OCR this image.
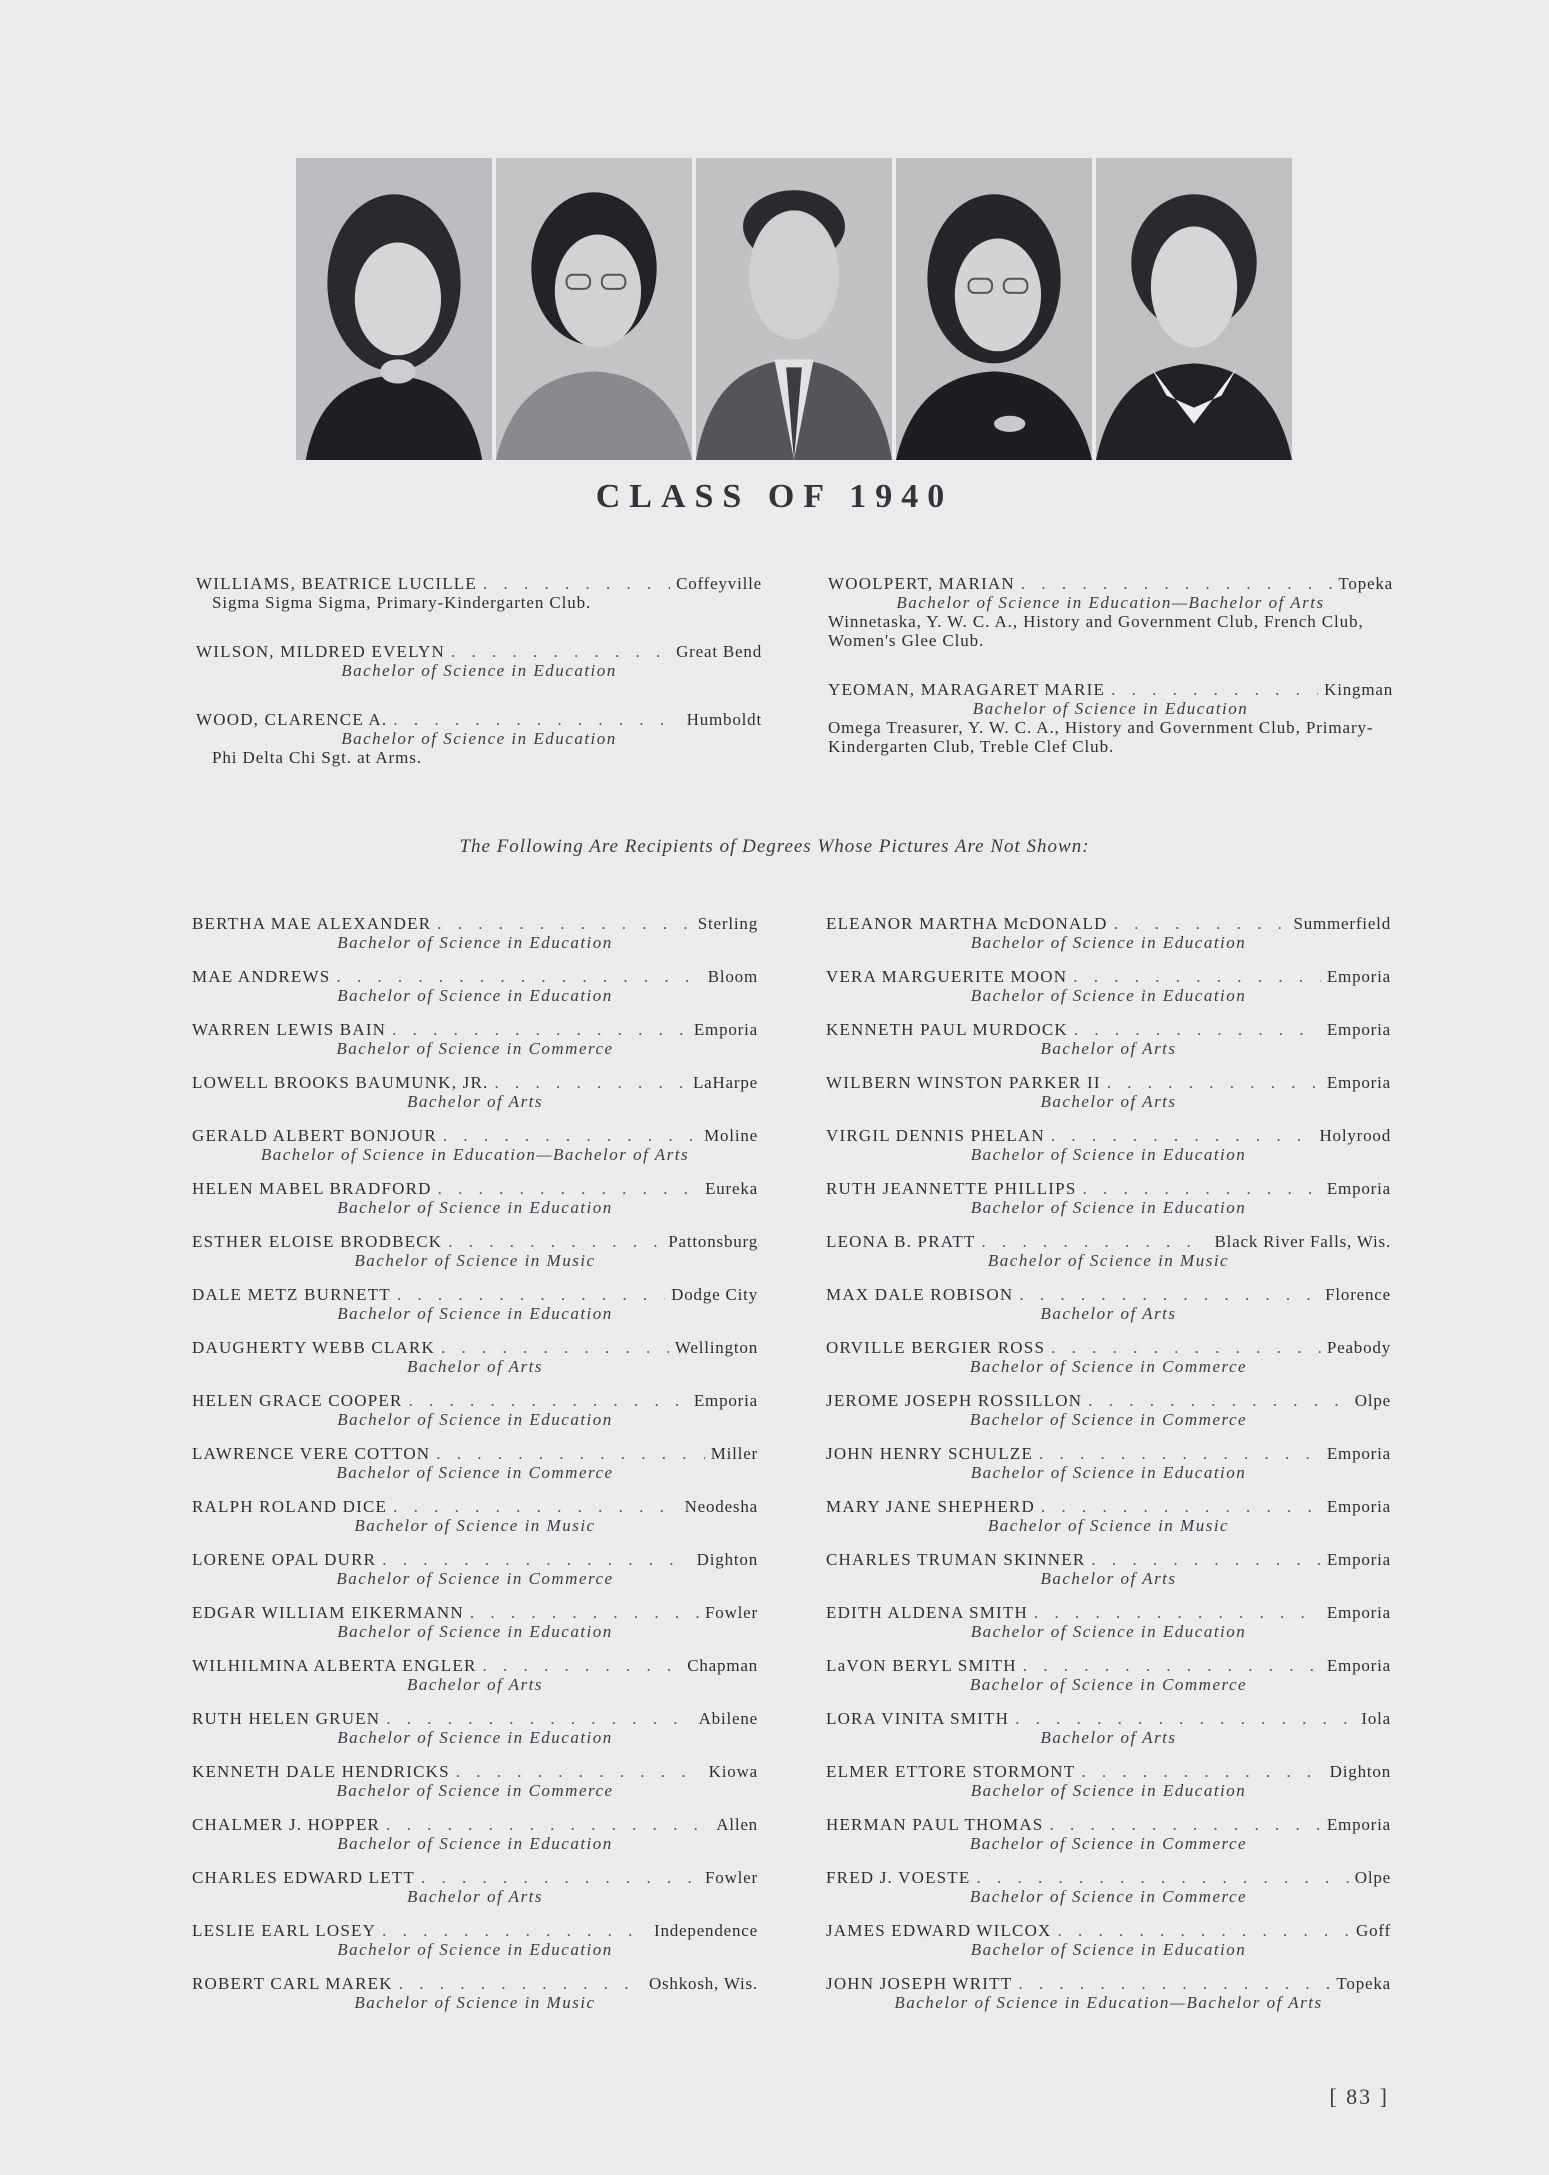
CLASS OF 1940
WILLIAMS, BEATRICE LUCILLE . . .	Coffeyville
Sigma Sigma Sigma, Primary-Kindergarten Club.
WILSON, MILDRED EVELYN . . .	Great Bend
Bachelor of Science in Education
WOOD, CLARENCE A. . . .	Humboldt
Bachelor of Science in Education
Phi Delta Chi Sgt. at Arms.
WOOLPERT, MARIAN . . .	Topeka
Bachelor of Science in Education—Bachelor of Arts
Winnetaska, Y. W. C. A., History and Government Club, French Club, Women's Glee Club.
YEOMAN, MARAGARET MARIE . . .	Kingman
Bachelor of Science in Education
Omega Treasurer, Y. W. C. A., History and Government Club, Primary-Kindergarten Club, Treble Clef Club.
The Following Are Recipients of Degrees Whose Pictures Are Not Shown:
BERTHA MAE ALEXANDER . . .	Sterling
Bachelor of Science in Education
MAE ANDREWS . . .	Bloom
Bachelor of Science in Education
WARREN LEWIS BAIN . . .	Emporia
Bachelor of Science in Commerce
LOWELL BROOKS BAUMUNK, JR. . . .	LaHarpe
Bachelor of Arts
GERALD ALBERT BONJOUR . . .	Moline
Bachelor of Science in Education—Bachelor of Arts
HELEN MABEL BRADFORD . . .	Eureka
Bachelor of Science in Education
ESTHER ELOISE BRODBECK . . .	Pattonsburg
Bachelor of Science in Music
DALE METZ BURNETT . . .	Dodge City
Bachelor of Science in Education
DAUGHERTY WEBB CLARK . . .	Wellington
Bachelor of Arts
HELEN GRACE COOPER . . .	Emporia
Bachelor of Science in Education
LAWRENCE VERE COTTON . . .	Miller
Bachelor of Science in Commerce
RALPH ROLAND DICE . . .	Neodesha
Bachelor of Science in Music
LORENE OPAL DURR . . .	Dighton
Bachelor of Science in Commerce
EDGAR WILLIAM EIKERMANN . . .	Fowler
Bachelor of Science in Education
WILHILMINA ALBERTA ENGLER . . .	Chapman
Bachelor of Arts
RUTH HELEN GRUEN . . .	Abilene
Bachelor of Science in Education
KENNETH DALE HENDRICKS . . .	Kiowa
Bachelor of Science in Commerce
CHALMER J. HOPPER . . .	Allen
Bachelor of Science in Education
CHARLES EDWARD LETT . . .	Fowler
Bachelor of Arts
LESLIE EARL LOSEY . . .	Independence
Bachelor of Science in Education
ROBERT CARL MAREK . . .	Oshkosh, Wis.
Bachelor of Science in Music
ELEANOR MARTHA McDONALD . . .	Summerfield
Bachelor of Science in Education
VERA MARGUERITE MOON . . .	Emporia
Bachelor of Science in Education
KENNETH PAUL MURDOCK . . .	Emporia
Bachelor of Arts
WILBERN WINSTON PARKER II . . .	Emporia
Bachelor of Arts
VIRGIL DENNIS PHELAN . . .	Holyrood
Bachelor of Science in Education
RUTH JEANNETTE PHILLIPS . . .	Emporia
Bachelor of Science in Education
LEONA B. PRATT . . .	Black River Falls, Wis.
Bachelor of Science in Music
MAX DALE ROBISON . . .	Florence
Bachelor of Arts
ORVILLE BERGIER ROSS . . .	Peabody
Bachelor of Science in Commerce
JEROME JOSEPH ROSSILLON . . .	Olpe
Bachelor of Science in Commerce
JOHN HENRY SCHULZE . . .	Emporia
Bachelor of Science in Education
MARY JANE SHEPHERD . . .	Emporia
Bachelor of Science in Music
CHARLES TRUMAN SKINNER . . .	Emporia
Bachelor of Arts
EDITH ALDENA SMITH . . .	Emporia
Bachelor of Science in Education
LaVON BERYL SMITH . . .	Emporia
Bachelor of Science in Commerce
LORA VINITA SMITH . . .	Iola
Bachelor of Arts
ELMER ETTORE STORMONT . . .	Dighton
Bachelor of Science in Education
HERMAN PAUL THOMAS . . .	Emporia
Bachelor of Science in Commerce
FRED J. VOESTE . . .	Olpe
Bachelor of Science in Commerce
JAMES EDWARD WILCOX . . .	Goff
Bachelor of Science in Education
JOHN JOSEPH WRITT . . .	Topeka
Bachelor of Science in Education—Bachelor of Arts
[ 83 ]
